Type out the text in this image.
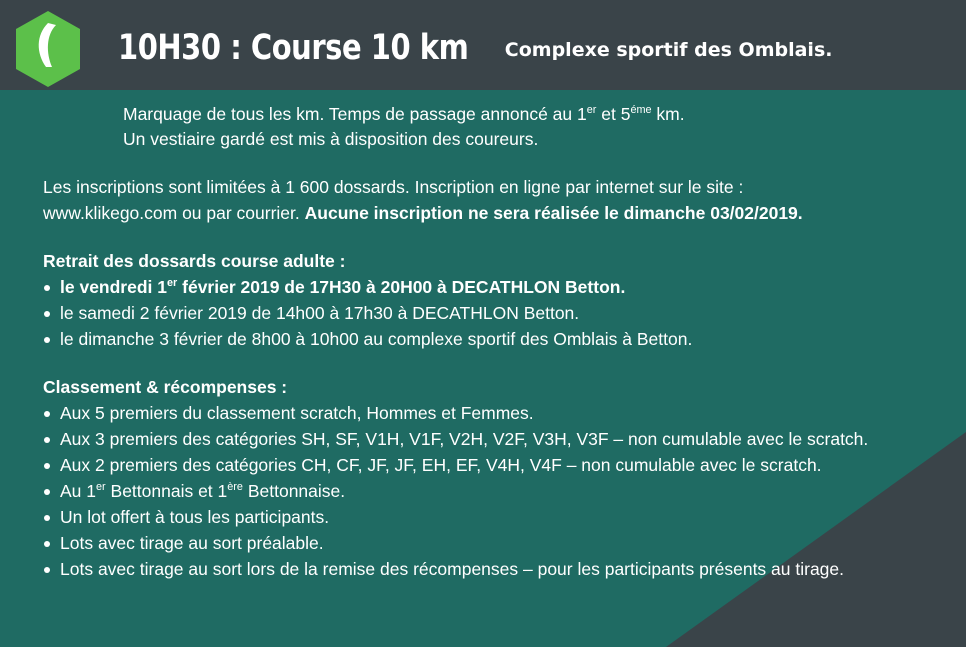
10H30 : Course 10 km Complexe sportif des Omblais.
Marquage de tous les km. Temps de passage annoncé au 1er et $5^{éme}$ km.
Un vestiaire gardé est mis à disposition des coureurs.
Les inscriptions sont limitées à 1 600 dossards. Inscription en ligne par internet sur le site :
www.klikego.com ou par courrier. Aucune inscription ne sera réalisée le dimanche 03/02/2019.
Retrait des dossards course adulte :
le vendredi 1er février 2019 de 17H30 à 20H00 à DECATHLON Betton.
le samedi 2 février 2019 de 14h00 à 17h30 à DECATHLON Betton.
le dimanche 3 février de 8h00 à 10h00 au complexe sportif des Omblais à Betton.
Classement & récompenses :
Aux 5 premiers du classement scratch, Hommes et Femmes.
Aux 3 premiers des catégories SH, SF, V1H, V1F, V2H, V2F, V3H, V3F – non cumulable avec le scratch.
Aux 2 premiers des catégories CH, CF, JF, JF, EH, EF, V4H, V4F – non cumulable avec le scratch.
Au 1er Bettonnais et 1ère Bettonnaise.
Un lot offert à tous les participants.
Lots avec tirage au sort préalable.
Lots avec tirage au sort lors de la remise des récompenses – pour les participants présents au tirage.
